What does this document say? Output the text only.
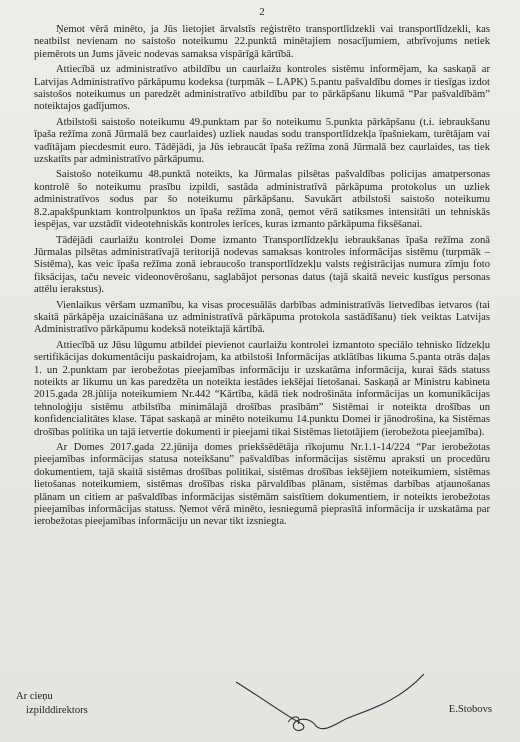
2

Ņemot vērā minēto, ja Jūs lietojiet ārvalstīs reģistrēto transportlīdzekli vai transportlīdzekli, kas neatbilst nevienam no saistošo noteikumu 22.punktā minētajiem nosacījumiem, atbrīvojums netiek piemērots un Jums jāveic nodevas samaksa vispārīgā kārtībā.

Attiecībā uz administratīvo atbildību un caurlaižu kontroles sistēmu informējam, ka saskaņā ar Latvijas Administratīvo pārkāpumu kodeksa (turpmāk – LAPK) 5.pantu pašvaldību domes ir tiesīgas izdot saistošos noteikumus un paredzēt administratīvo atbildību par to pārkāpšanu likumā “Par pašvaldībām” noteiktajos gadījumos.

Atbilstoši saistošo noteikumu 49.punktam par šo noteikumu 5.punkta pārkāpšanu (t.i. iebraukšanu īpaša režīma zonā Jūrmalā bez caurlaides) uzliek naudas sodu transportlīdzekļa īpašniekam, turētājam vai vadītājam piecdesmit euro. Tādējādi, ja Jūs iebraucāt īpaša režīma zonā Jūrmalā bez caurlaides, tas tiek uzskatīts par administratīvo pārkāpumu.

Saistošo noteikumu 48.punktā noteikts, ka Jūrmalas pilsētas pašvaldības policijas amatpersonas kontrolē šo noteikumu prasību izpildi, sastāda administratīvā pārkāpuma protokolus un uzliek administratīvos sodus par šo noteikumu pārkāpšanu. Savukārt atbilstoši saistošo noteikumu 8.2.apakšpunktam kontrolpunktos un īpaša režīma zonā, ņemot vērā satiksmes intensitāti un tehniskās iespējas, var uzstādīt videotehniskās kontroles ierīces, kuras izmanto pārkāpuma fiksēšanai.

Tādējādi caurlaižu kontrolei Dome izmanto Transportlīdzekļu iebraukšanas īpaša režīma zonā Jūrmalas pilsētas administratīvajā teritorijā nodevas samaksas kontroles informācijas sistēmu (turpmāk – Sistēma), kas veic īpaša režīma zonā iebraucošo transportlīdzekļu valsts reģistrācijas numura zīmju foto fiksācijas, taču neveic videonovērošanu, saglabājot personas datus (tajā skaitā neveic kustīgus personas attēlu ierakstus).

Vienlaikus vēršam uzmanību, ka visas procesuālās darbības administratīvās lietvedības ietvaros (tai skaitā pārkāpēja uzaicināšana uz administratīvā pārkāpuma protokola sastādīšanu) tiek veiktas Latvijas Administratīvo pārkāpumu kodeksā noteiktajā kārtībā.

Attiecībā uz Jūsu lūgumu atbildei pievienot caurlaižu kontrolei izmantoto speciālo tehnisko līdzekļu sertifikācijas dokumentāciju paskaidrojam, ka atbilstoši Informācijas atklātības likuma 5.panta otrās daļas 1. un 2.punktam par ierobežotas pieejamības informāciju ir uzskatāma informācija, kurai šāds statuss noteikts ar likumu un kas paredzēta un noteikta iestādes iekšējai lietošanai. Saskaņā ar Ministru kabineta 2015.gada 28.jūlija noteikumiem Nr.442 “Kārtība, kādā tiek nodrošināta informācijas un komunikācijas tehnoloģiju sistēmu atbilstība minimālajā drošības prasībām” Sistēmai ir noteikta drošības un konfidencialitātes klase. Tāpat saskaņā ar minēto noteikumu 14.punktu Domei ir jānodrošina, ka Sistēmas drošības politika un tajā ietvertie dokumenti ir pieejami tikai Sistēmas lietotājiem (ierobežota pieejamība).

Ar Domes 2017.gada 22.jūnija domes priekšsēdētāja rīkojumu Nr.1.1-14/224 “Par ierobežotas pieejamības informācijas statusa noteikšanu” pašvaldības informācijas sistēmu apraksti un procedūru dokumentiem, tajā skaitā sistēmas drošības politikai, sistēmas drošības iekšējiem noteikumiem, sistēmas lietošanas noteikumiem, sistēmas drošības riska pārvaldības plānam, sistēmas darbības atjaunošanas plānam un citiem ar pašvaldības informācijas sistēmām saistītiem dokumentiem, ir noteikts ierobežotas pieejamības informācijas statuss. Ņemot vērā minēto, iesniegumā pieprasītā informācija ir uzskatāma par ierobežotas pieejamības informāciju un nevar tikt izsniegta.

Ar cieņu
izpilddirektors	E.Stobovs
